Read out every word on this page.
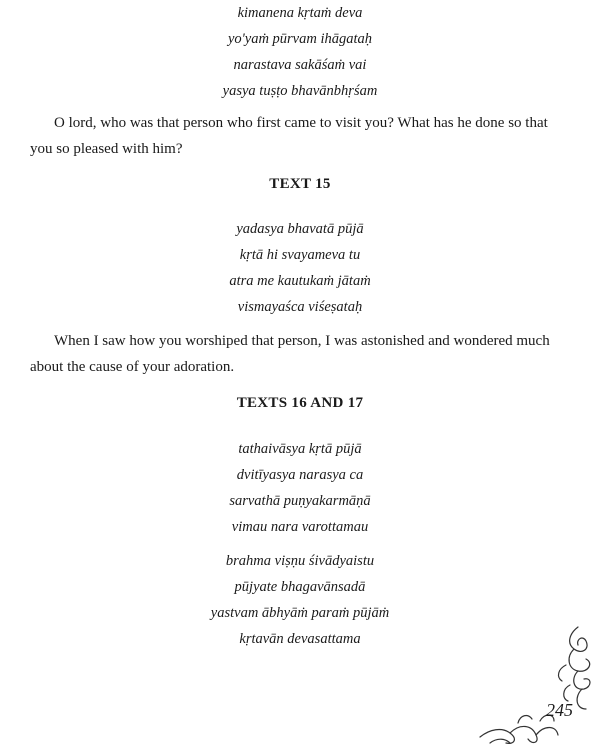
kimanena kṛtaṁ deva

yo'yaṁ pūrvam ihāgataḥ

narastava sakāśaṁ vai

yasya tuṣṭo bhavānbhṛśam

O lord, who was that person who first came to visit you? What has he done so that you so pleased with him?

TEXT 15

yadasya bhavatā pūjā

kṛtā hi svayameva tu

atra me kautukaṁ jātaṁ

vismayaśca viśeṣataḥ

When I saw how you worshiped that person, I was astonished and wondered much about the cause of your adoration.

TEXTS 16 AND 17

tathaivāsya kṛtā pūjā

dvitīyasya narasya ca

sarvathā puṇyakarmāṇā

vimau nara varottamau

brahma viṣṇu śivādyaistu

pūjyate bhagavānsadā

yastvam ābhyāṁ paraṁ pūjāṁ

kṛtavān devasattama

245
